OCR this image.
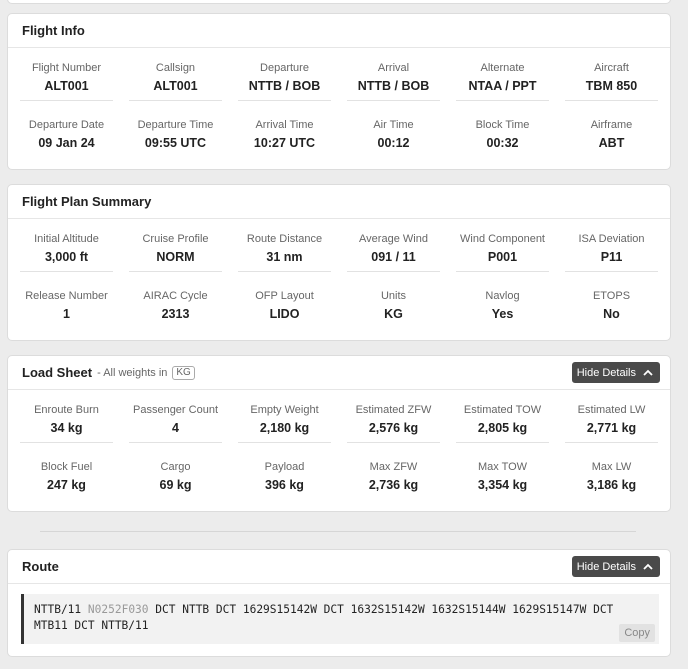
Flight Info
Flight Number
ALT001
Callsign
ALT001
Departure
NTTB / BOB
Arrival
NTTB / BOB
Alternate
NTAA / PPT
Aircraft
TBM 850
Departure Date
09 Jan 24
Departure Time
09:55 UTC
Arrival Time
10:27 UTC
Air Time
00:12
Block Time
00:32
Airframe
ABT
Flight Plan Summary
Initial Altitude
3,000 ft
Cruise Profile
NORM
Route Distance
31 nm
Average Wind
091 / 11
Wind Component
P001
ISA Deviation
P11
Release Number
1
AIRAC Cycle
2313
OFP Layout
LIDO
Units
KG
Navlog
Yes
ETOPS
No
Load Sheet - All weights in KG	Hide Details
Enroute Burn
34 kg
Passenger Count
4
Empty Weight
2,180 kg
Estimated ZFW
2,576 kg
Estimated TOW
2,805 kg
Estimated LW
2,771 kg
Block Fuel
247 kg
Cargo
69 kg
Payload
396 kg
Max ZFW
2,736 kg
Max TOW
3,354 kg
Max LW
3,186 kg
Route	Hide Details
NTTB/11 N0252F030 DCT NTTB DCT 1629S15142W DCT 1632S15142W 1632S15144W 1629S15147W DCT
MTB11 DCT NTTB/11
Copy
